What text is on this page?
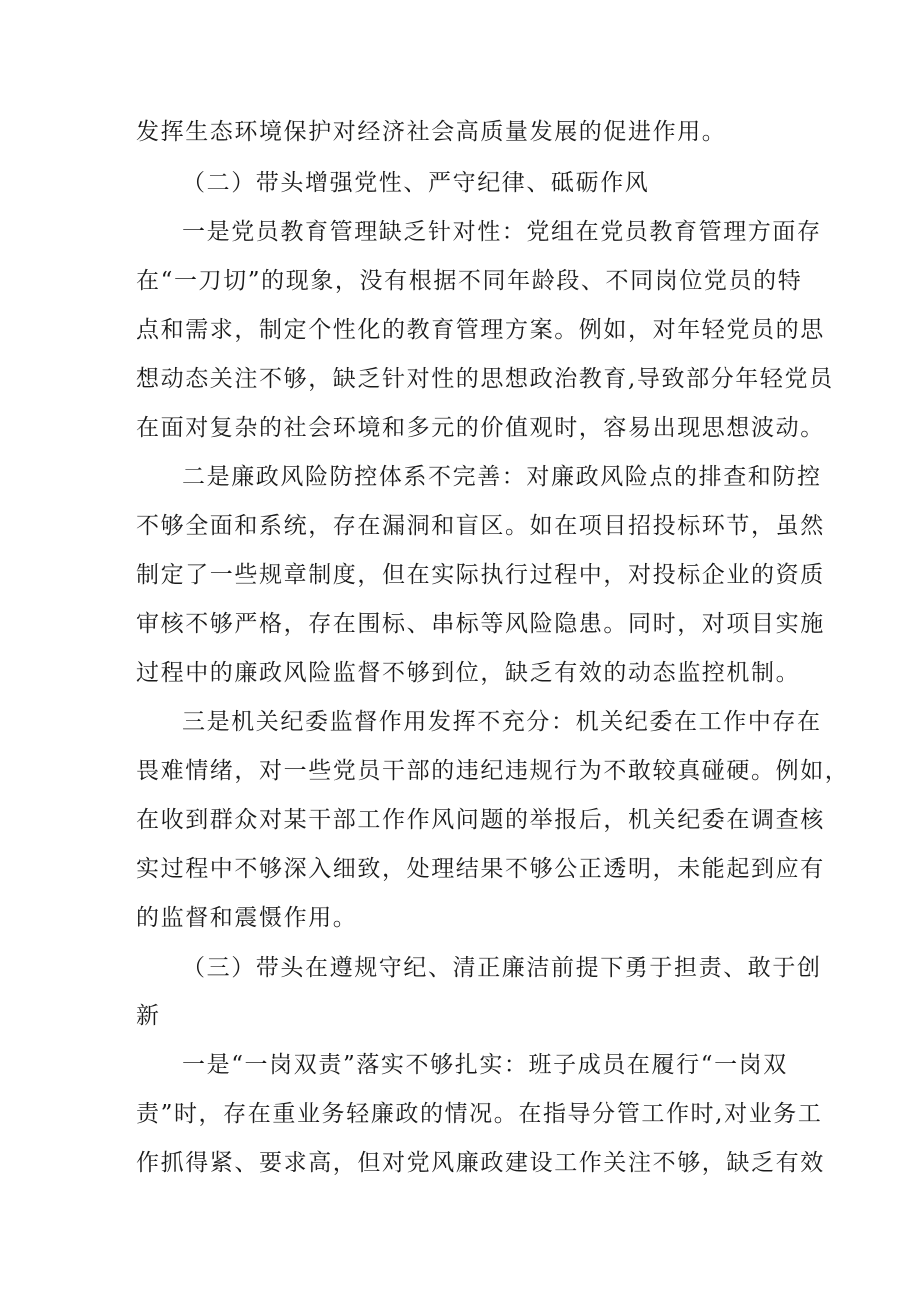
发挥生态环境保护对经济社会高质量发展的促进作用。
（二）带头增强党性、严守纪律、砥砺作风
一是党员教育管理缺乏针对性：党组在党员教育管理方面存
在“一刀切”的现象，没有根据不同年龄段、不同岗位党员的特
点和需求，制定个性化的教育管理方案。例如，对年轻党员的思
想动态关注不够，缺乏针对性的思想政治教育,导致部分年轻党员
在面对复杂的社会环境和多元的价值观时，容易出现思想波动。
二是廉政风险防控体系不完善：对廉政风险点的排查和防控
不够全面和系统，存在漏洞和盲区。如在项目招投标环节，虽然
制定了一些规章制度，但在实际执行过程中，对投标企业的资质
审核不够严格，存在围标、串标等风险隐患。同时，对项目实施
过程中的廉政风险监督不够到位，缺乏有效的动态监控机制。
三是机关纪委监督作用发挥不充分：机关纪委在工作中存在
畏难情绪，对一些党员干部的违纪违规行为不敢较真碰硬。例如，
在收到群众对某干部工作作风问题的举报后，机关纪委在调查核
实过程中不够深入细致，处理结果不够公正透明，未能起到应有
的监督和震慑作用。
（三）带头在遵规守纪、清正廉洁前提下勇于担责、敢于创
新
一是“一岗双责”落实不够扎实：班子成员在履行“一岗双
责”时，存在重业务轻廉政的情况。在指导分管工作时,对业务工
作抓得紧、要求高，但对党风廉政建设工作关注不够，缺乏有效
